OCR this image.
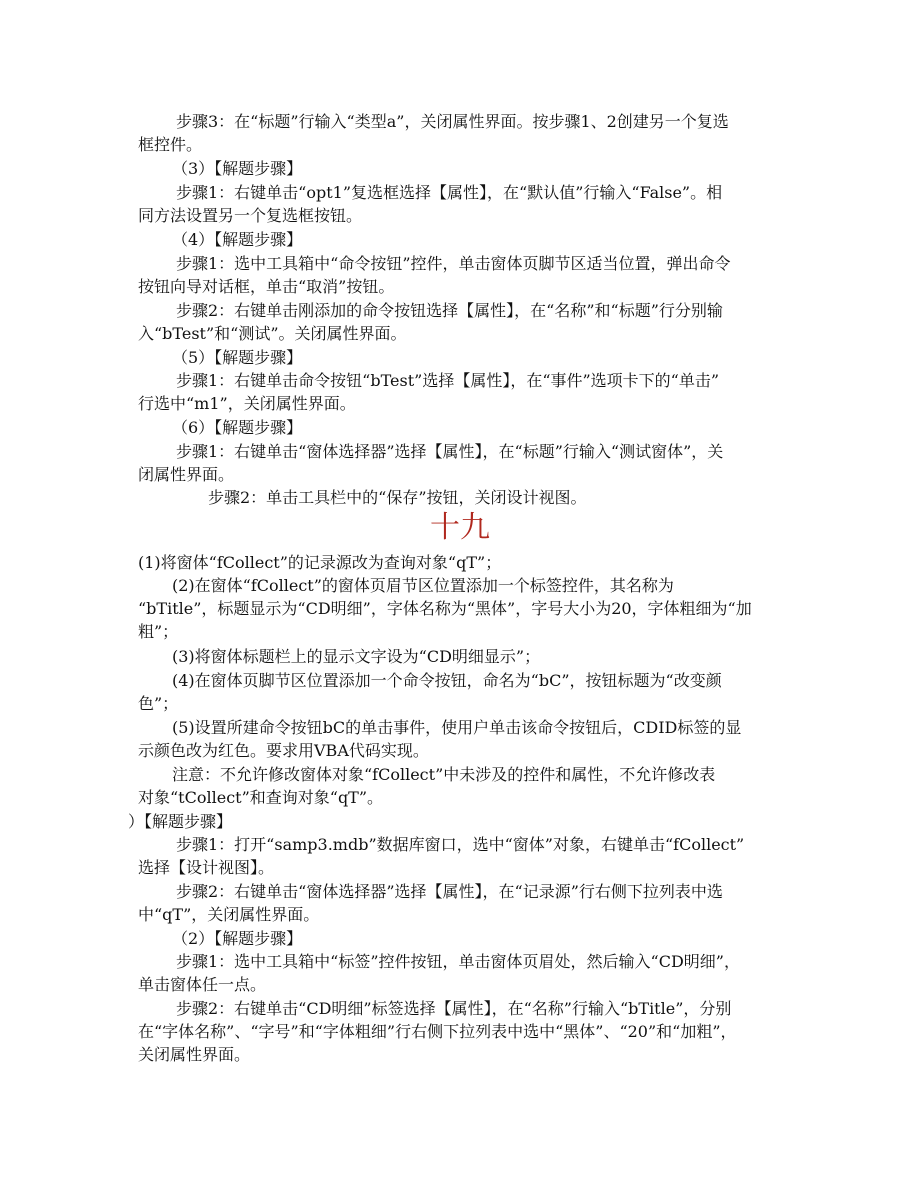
步骤3：在“标题”行输入“类型a”，关闭属性界面。按步骤1、2创建另一个复选
框控件。
（3）【解题步骤】
步骤1：右键单击“opt1”复选框选择【属性】，在“默认值”行输入“False”。相
同方法设置另一个复选框按钮。
（4）【解题步骤】
步骤1：选中工具箱中“命令按钮”控件，单击窗体页脚节区适当位置，弹出命令
按钮向导对话框，单击“取消”按钮。
步骤2：右键单击刚添加的命令按钮选择【属性】，在“名称”和“标题”行分别输
入“bTest”和“测试”。关闭属性界面。
（5）【解题步骤】
步骤1：右键单击命令按钮“bTest”选择【属性】，在“事件”选项卡下的“单击”
行选中“m1”，关闭属性界面。
（6）【解题步骤】
步骤1：右键单击“窗体选择器”选择【属性】，在“标题”行输入“测试窗体”，关
闭属性界面。
步骤2：单击工具栏中的“保存”按钮，关闭设计视图。
十九
(1)将窗体“fCollect”的记录源改为查询对象“qT”；
(2)在窗体“fCollect”的窗体页眉节区位置添加一个标签控件，其名称为
“bTitle”，标题显示为“CD明细”，字体名称为“黑体”，字号大小为20，字体粗细为“加
粗”；
(3)将窗体标题栏上的显示文字设为“CD明细显示”；
(4)在窗体页脚节区位置添加一个命令按钮，命名为“bC”，按钮标题为“改变颜
色”；
(5)设置所建命令按钮bC的单击事件，使用户单击该命令按钮后，CDID标签的显
示颜色改为红色。要求用VBA代码实现。
注意：不允许修改窗体对象“fCollect”中未涉及的控件和属性，不允许修改表
对象“tCollect”和查询对象“qT”。
）【解题步骤】
步骤1：打开“samp3.mdb”数据库窗口，选中“窗体”对象，右键单击“fCollect”
选择【设计视图】。
步骤2：右键单击“窗体选择器”选择【属性】，在“记录源”行右侧下拉列表中选
中“qT”，关闭属性界面。
（2）【解题步骤】
步骤1：选中工具箱中“标签”控件按钮，单击窗体页眉处，然后输入“CD明细”，
单击窗体任一点。
步骤2：右键单击“CD明细”标签选择【属性】，在“名称”行输入“bTitle”，分别
在“字体名称”、“字号”和“字体粗细”行右侧下拉列表中选中“黑体”、“20”和“加粗”，
关闭属性界面。
